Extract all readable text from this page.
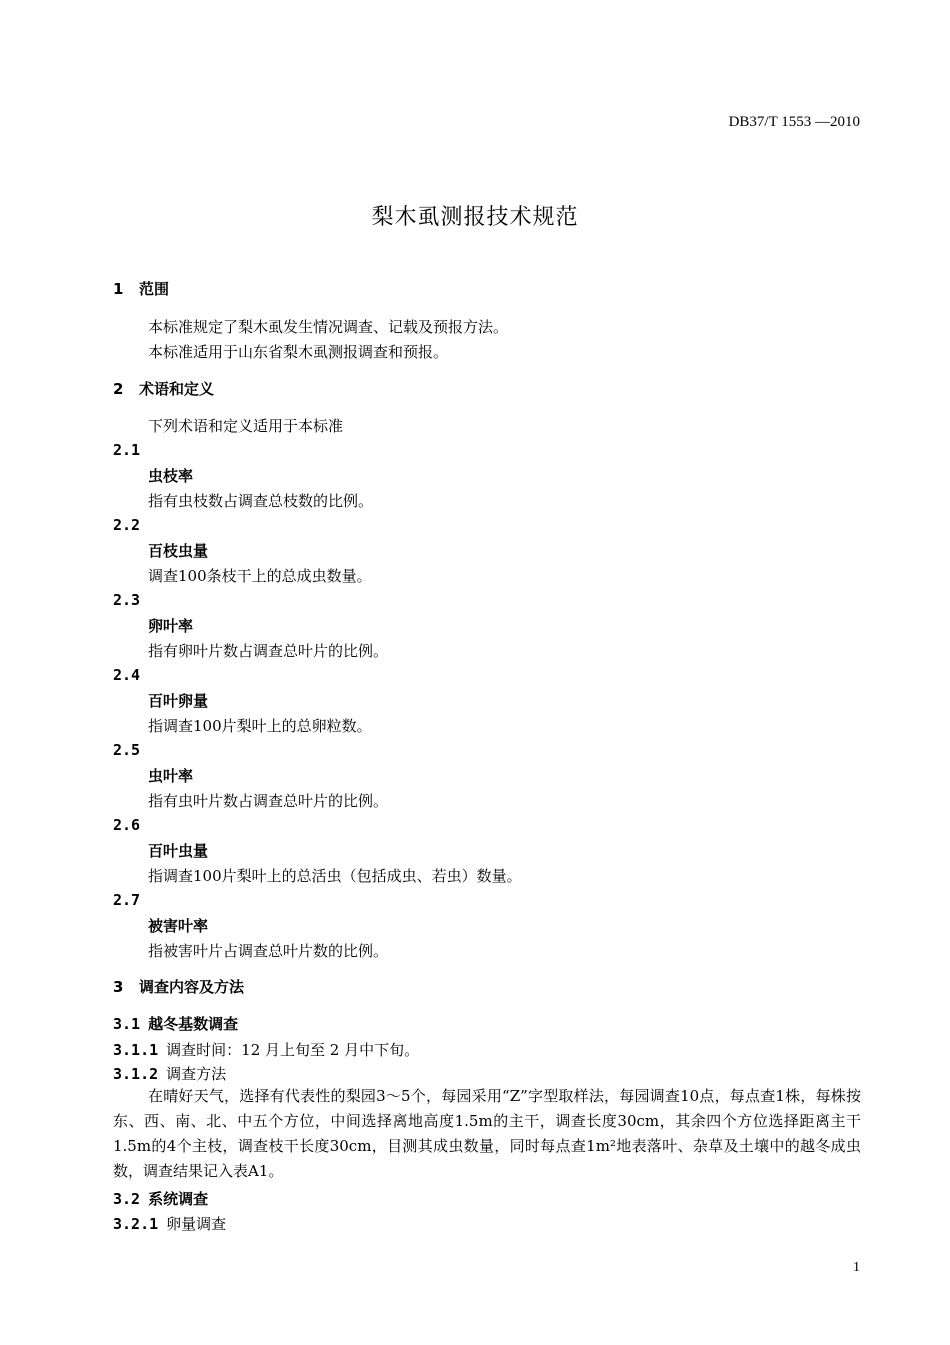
DB37/T 1553 —2010
梨木虱测报技术规范
1 范围
本标准规定了梨木虱发生情况调查、记载及预报方法。
本标准适用于山东省梨木虱测报调查和预报。
2 术语和定义
下列术语和定义适用于本标准
2.1
虫枝率
指有虫枝数占调查总枝数的比例。
2.2
百枝虫量
调查100条枝干上的总成虫数量。
2.3
卵叶率
指有卵叶片数占调查总叶片的比例。
2.4
百叶卵量
指调查100片梨叶上的总卵粒数。
2.5
虫叶率
指有虫叶片数占调查总叶片的比例。
2.6
百叶虫量
指调查100片梨叶上的总活虫（包括成虫、若虫）数量。
2.7
被害叶率
指被害叶片占调查总叶片数的比例。
3 调查内容及方法
3.1 越冬基数调查
3.1.1 调查时间：12 月上旬至 2 月中下旬。
3.1.2 调查方法
在晴好天气，选择有代表性的梨园3～5个，每园采用“Z”字型取样法，每园调查10点，每点查1株，每株按东、西、南、北、中五个方位，中间选择离地高度1.5m的主干，调查长度30cm，其余四个方位选择距离主干1.5m的4个主枝，调查枝干长度30cm，目测其成虫数量，同时每点查1m²地表落叶、杂草及土壤中的越冬成虫数，调查结果记入表A1。
3.2 系统调查
3.2.1 卵量调查
1
